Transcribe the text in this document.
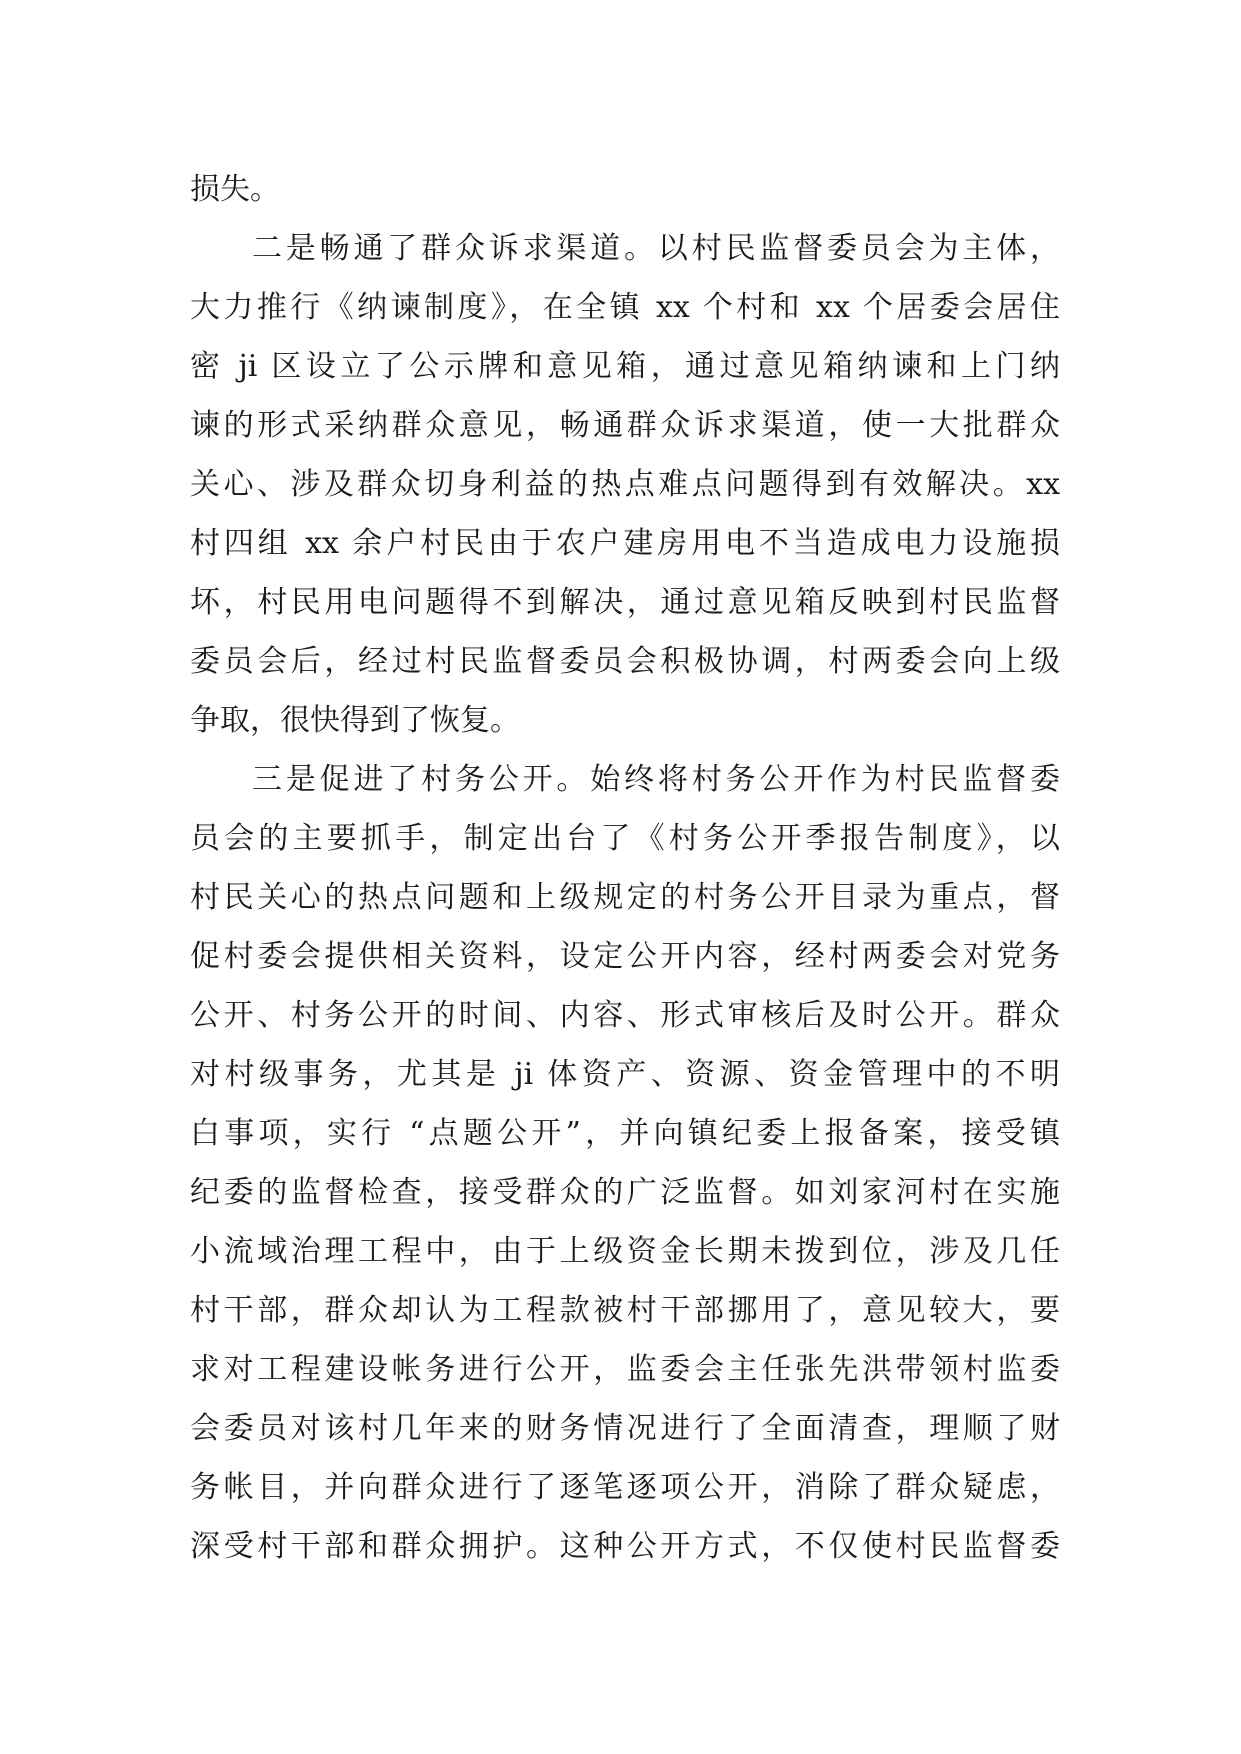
损失。
二是畅通了群众诉求渠道。以村民监督委员会为主体，
大力推行《纳谏制度》，在全镇 xx 个村和 xx 个居委会居住
密 ji 区设立了公示牌和意见箱，通过意见箱纳谏和上门纳
谏的形式采纳群众意见，畅通群众诉求渠道，使一大批群众
关心、涉及群众切身利益的热点难点问题得到有效解决。xx
村四组 xx 余户村民由于农户建房用电不当造成电力设施损
坏，村民用电问题得不到解决，通过意见箱反映到村民监督
委员会后，经过村民监督委员会积极协调，村两委会向上级
争取，很快得到了恢复。
三是促进了村务公开。始终将村务公开作为村民监督委
员会的主要抓手，制定出台了《村务公开季报告制度》，以
村民关心的热点问题和上级规定的村务公开目录为重点，督
促村委会提供相关资料，设定公开内容，经村两委会对党务
公开、村务公开的时间、内容、形式审核后及时公开。群众
对村级事务，尤其是 ji 体资产、资源、资金管理中的不明
白事项，实行 “点题公开”，并向镇纪委上报备案，接受镇
纪委的监督检查，接受群众的广泛监督。如刘家河村在实施
小流域治理工程中，由于上级资金长期未拨到位，涉及几任
村干部，群众却认为工程款被村干部挪用了，意见较大，要
求对工程建设帐务进行公开，监委会主任张先洪带领村监委
会委员对该村几年来的财务情况进行了全面清查，理顺了财
务帐目，并向群众进行了逐笔逐项公开，消除了群众疑虑，
深受村干部和群众拥护。这种公开方式，不仅使村民监督委
